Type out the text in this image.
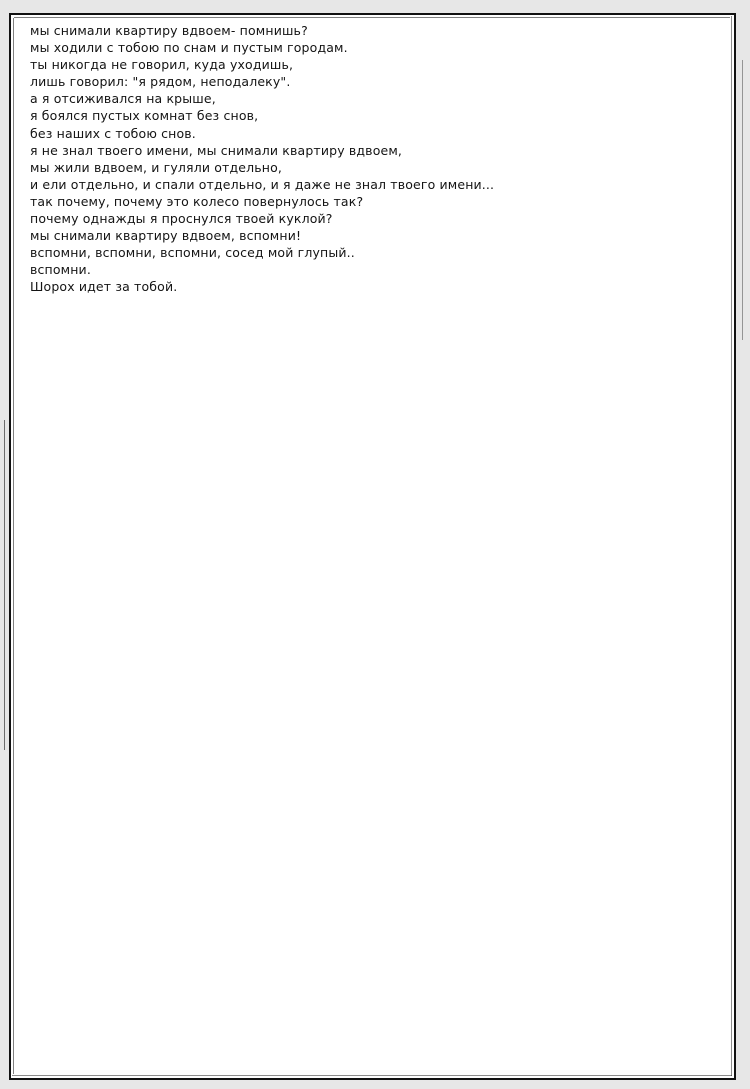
мы снимали квартиру вдвоем- помнишь?
мы ходили с тобою по снам и пустым городам.
ты никогда не говорил, куда уходишь,
лишь говорил: "я рядом, неподалеку".
а я отсиживался на крыше,
я боялся пустых комнат без снов,
без наших с тобою снов.
я не знал твоего имени, мы снимали квартиру вдвоем,
мы жили вдвоем, и гуляли отдельно,
и ели отдельно, и спали отдельно, и я даже не знал твоего имени...
так почему, почему это колесо повернулось так?
почему однажды я проснулся твоей куклой?
мы снимали квартиру вдвоем, вспомни!
вспомни, вспомни, вспомни, сосед мой глупый..
вспомни.
Шорох идет за тобой.
